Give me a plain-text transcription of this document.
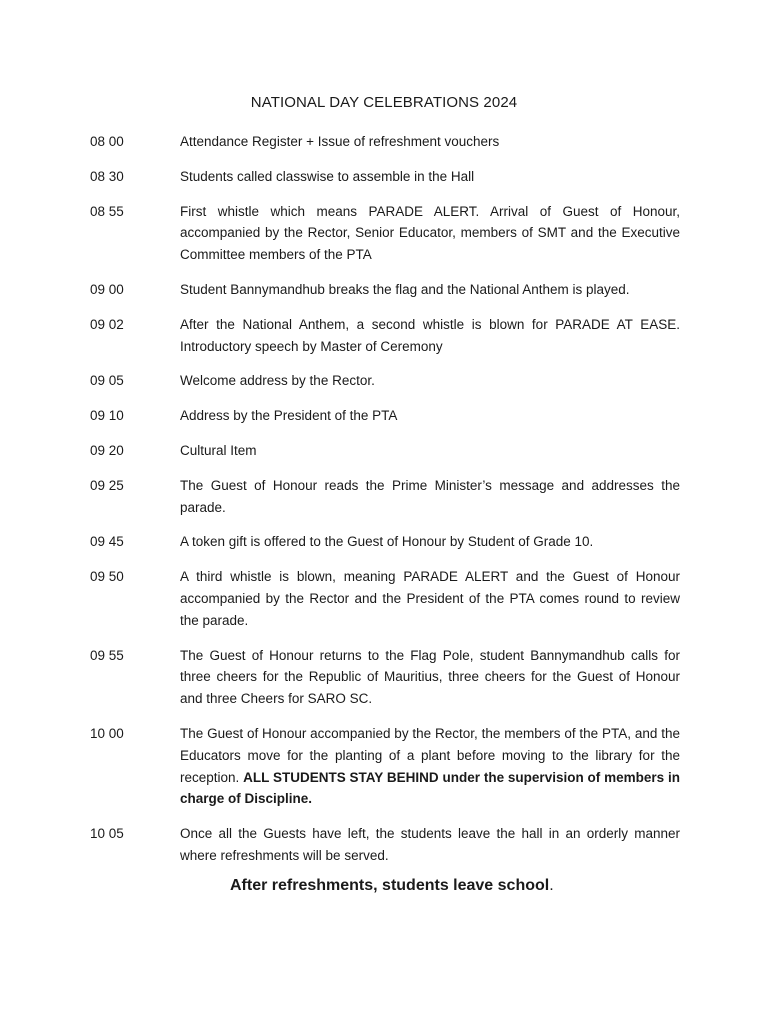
NATIONAL DAY CELEBRATIONS 2024
08 00	Attendance Register + Issue of refreshment vouchers
08 30	Students called classwise to assemble in the Hall
08 55	First whistle which means PARADE ALERT. Arrival of Guest of Honour, accompanied by the Rector, Senior Educator, members of SMT and the Executive Committee members of the PTA
09 00	Student Bannymandhub breaks the flag and the National Anthem is played.
09 02	After the National Anthem, a second whistle is blown for PARADE AT EASE. Introductory speech by Master of Ceremony
09 05	Welcome address by the Rector.
09 10	Address by the President of the PTA
09 20	Cultural Item
09 25	The Guest of Honour reads the Prime Minister’s message and addresses the parade.
09 45	A token gift is offered to the Guest of Honour by Student of Grade 10.
09 50	A third whistle is blown, meaning PARADE ALERT and the Guest of Honour accompanied by the Rector and the President of the PTA comes round to review the parade.
09 55	The Guest of Honour returns to the Flag Pole, student Bannymandhub calls for three cheers for the Republic of Mauritius, three cheers for the Guest of Honour and three Cheers for SARO SC.
10 00	The Guest of Honour accompanied by the Rector, the members of the PTA, and the Educators move for the planting of a plant before moving to the library for the reception. ALL STUDENTS STAY BEHIND under the supervision of members in charge of Discipline.
10 05	Once all the Guests have left, the students leave the hall in an orderly manner where refreshments will be served.
After refreshments, students leave school.
